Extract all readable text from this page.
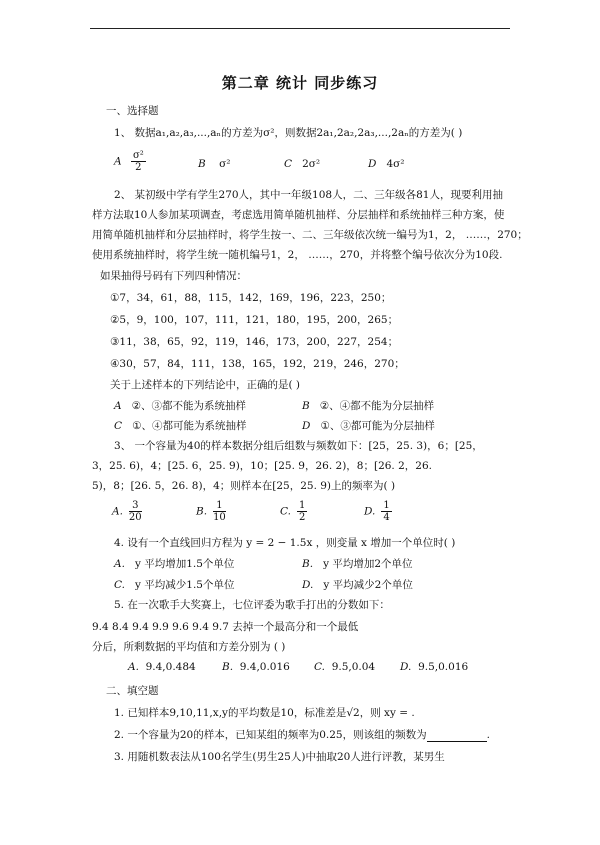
第二章 统计 同步练习
一、选择题
1、 数据a₁,a₂,a₃,...,aₙ的方差为σ²，则数据2a₁,2a₂,2a₃,...,2aₙ的方差为( )
A $\frac{\text{σ²}}{2}$	B σ²	C 2σ²	D 4σ²
2、 某初级中学有学生270人，其中一年级108人，二、三年级各81人，现要利用抽
样方法取10人参加某项调查，考虑选用简单随机抽样、分层抽样和系统抽样三种方案，使
用简单随机抽样和分层抽样时，将学生按一、二、三年级依次统一编号为1，2， ……，270；
使用系统抽样时，将学生统一随机编号1，2， ……，270，并将整个编号依次分为10段.
如果抽得号码有下列四种情况：
①7，34，61，88，115，142，169，196，223，250；
②5，9，100，107，111，121，180，195，200，265；
③11，38，65，92，119，146，173，200，227，254；
④30，57，84，111，138，165，192，219，246，270；
关于上述样本的下列结论中，正确的是( )
A ②、③都不能为系统抽样	B ②、④都不能为分层抽样
C ①、④都可能为系统抽样	D ①、③都可能为分层抽样
3、 一个容量为40的样本数据分组后组数与频数如下：[25，25. 3)，6；[25，
3，25. 6)，4；[25. 6，25. 9)，10；[25. 9，26. 2)，8；[26. 2，26.
5)，8；[26. 5，26. 8)，4；则样本在[25，25. 9)上的频率为( )
A. $\frac{3}{20}$	B. $\frac{1}{10}$	C. $\frac{1}{2}$	D. $\frac{1}{4}$
4. 设有一个直线回归方程为 y = 2 − 1.5x ，则变量 x 增加一个单位时( )
A. y 平均增加1.5个单位	B. y 平均增加2个单位
C. y 平均减少1.5个单位	D. y 平均减少2个单位
5. 在一次歌手大奖赛上，七位评委为歌手打出的分数如下：
9.4 8.4 9.4 9.9 9.6 9.4 9.7 去掉一个最高分和一个最低
分后，所剩数据的平均值和方差分别为 ( )
A. 9.4,0.484	B. 9.4,0.016 C. 9.5,0.04 D. 9.5,0.016
二、填空题
1. 已知样本9,10,11,x,y的平均数是10，标准差是√2，则 xy = .
2. 一个容量为20的样本，已知某组的频率为0.25，则该组的频数为	.
3. 用随机数表法从100名学生(男生25人)中抽取20人进行评教，某男生
